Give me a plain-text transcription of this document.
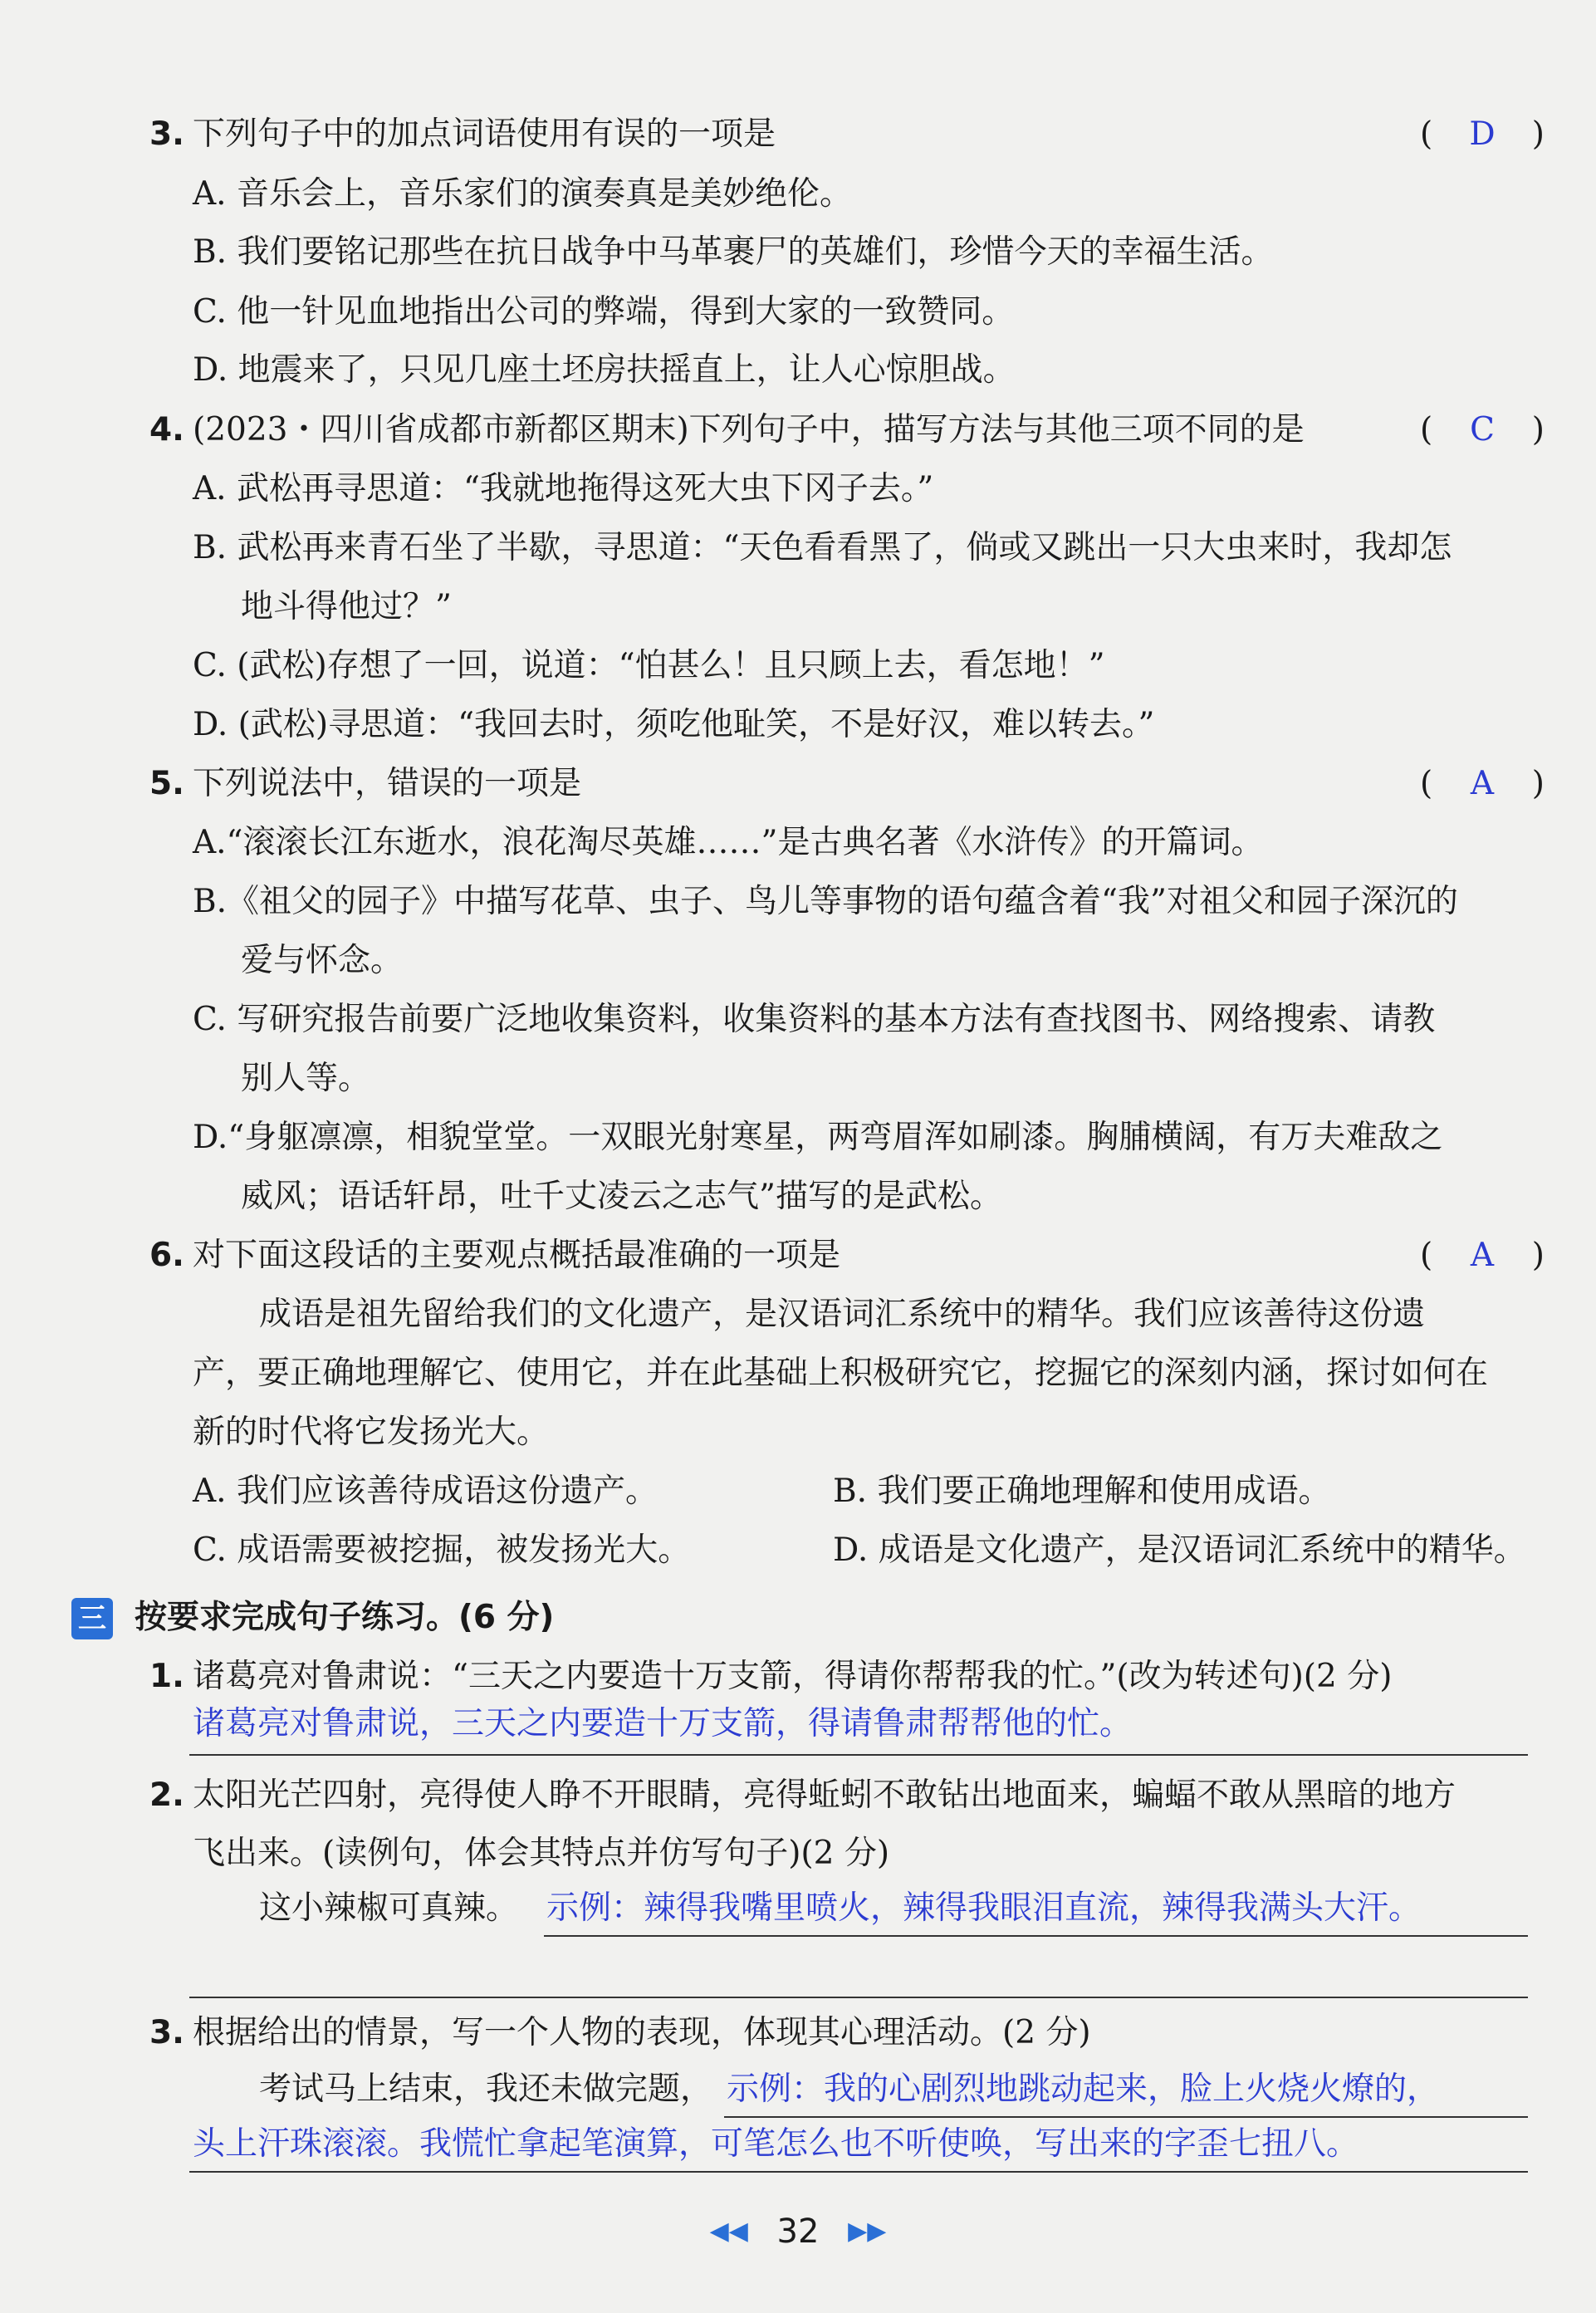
3. 下列句子中的加点词语使用有误的一项是	(	D	)
A. 音乐会上，音乐家们的演奏真是美妙绝伦。
B. 我们要铭记那些在抗日战争中马革裹尸的英雄们，珍惜今天的幸福生活。
C. 他一针见血地指出公司的弊端，得到大家的一致赞同。
D. 地震来了，只见几座土坯房扶摇直上，让人心惊胆战。
4. (2023・四川省成都市新都区期末)下列句子中，描写方法与其他三项不同的是	(	C	)
A. 武松再寻思道：“我就地拖得这死大虫下冈子去。”
B. 武松再来青石坐了半歇，寻思道：“天色看看黑了，倘或又跳出一只大虫来时，我却怎
地斗得他过？”
C. (武松)存想了一回，说道：“怕甚么！且只顾上去，看怎地！”
D. (武松)寻思道：“我回去时，须吃他耻笑，不是好汉，难以转去。”
5. 下列说法中，错误的一项是	(	A	)
A.“滚滚长江东逝水，浪花淘尽英雄……”是古典名著《水浒传》的开篇词。
B.《祖父的园子》中描写花草、虫子、鸟儿等事物的语句蕴含着“我”对祖父和园子深沉的
爱与怀念。
C. 写研究报告前要广泛地收集资料，收集资料的基本方法有查找图书、网络搜索、请教
别人等。
D.“身躯凛凛，相貌堂堂。一双眼光射寒星，两弯眉浑如刷漆。胸脯横阔，有万夫难敌之
威风；语话轩昂，吐千丈凌云之志气”描写的是武松。
6. 对下面这段话的主要观点概括最准确的一项是	(	A	)
成语是祖先留给我们的文化遗产，是汉语词汇系统中的精华。我们应该善待这份遗
产，要正确地理解它、使用它，并在此基础上积极研究它，挖掘它的深刻内涵，探讨如何在
新的时代将它发扬光大。
A. 我们应该善待成语这份遗产。	B. 我们要正确地理解和使用成语。
C. 成语需要被挖掘，被发扬光大。	D. 成语是文化遗产，是汉语词汇系统中的精华。
三 按要求完成句子练习。(6 分)
1. 诸葛亮对鲁肃说：“三天之内要造十万支箭，得请你帮帮我的忙。”(改为转述句)(2 分)
诸葛亮对鲁肃说，三天之内要造十万支箭，得请鲁肃帮帮他的忙。
2. 太阳光芒四射，亮得使人睁不开眼睛，亮得蚯蚓不敢钻出地面来，蝙蝠不敢从黑暗的地方
飞出来。(读例句，体会其特点并仿写句子)(2 分)
这小辣椒可真辣。 示例：辣得我嘴里喷火，辣得我眼泪直流，辣得我满头大汗。
3. 根据给出的情景，写一个人物的表现，体现其心理活动。(2 分)
考试马上结束，我还未做完题， 示例：我的心剧烈地跳动起来，脸上火烧火燎的，
头上汗珠滚滚。我慌忙拿起笔演算，可笔怎么也不听使唤，写出来的字歪七扭八。
◀◀ 32 ▶▶
